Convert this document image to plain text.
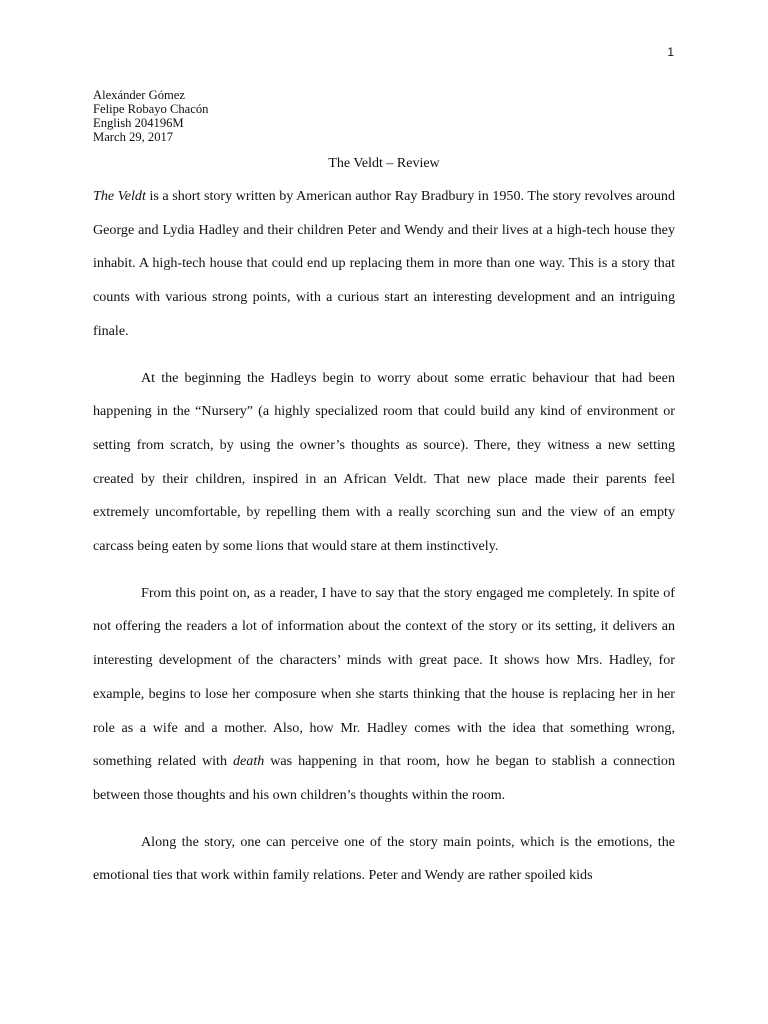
1
Alexánder Gómez
Felipe Robayo Chacón
English 204196M
March 29, 2017
The Veldt – Review

The Veldt is a short story written by American author Ray Bradbury in 1950. The story revolves around George and Lydia Hadley and their children Peter and Wendy and their lives at a high-tech house they inhabit. A high-tech house that could end up replacing them in more than one way. This is a story that counts with various strong points, with a curious start an interesting development and an intriguing finale.

At the beginning the Hadleys begin to worry about some erratic behaviour that had been happening in the “Nursery” (a highly specialized room that could build any kind of environment or setting from scratch, by using the owner’s thoughts as source). There, they witness a new setting created by their children, inspired in an African Veldt. That new place made their parents feel extremely uncomfortable, by repelling them with a really scorching sun and the view of an empty carcass being eaten by some lions that would stare at them instinctively.

From this point on, as a reader, I have to say that the story engaged me completely. In spite of not offering the readers a lot of information about the context of the story or its setting, it delivers an interesting development of the characters’ minds with great pace. It shows how Mrs. Hadley, for example, begins to lose her composure when she starts thinking that the house is replacing her in her role as a wife and a mother. Also, how Mr. Hadley comes with the idea that something wrong, something related with death was happening in that room, how he began to stablish a connection between those thoughts and his own children’s thoughts within the room.

Along the story, one can perceive one of the story main points, which is the emotions, the emotional ties that work within family relations. Peter and Wendy are rather spoiled kids
